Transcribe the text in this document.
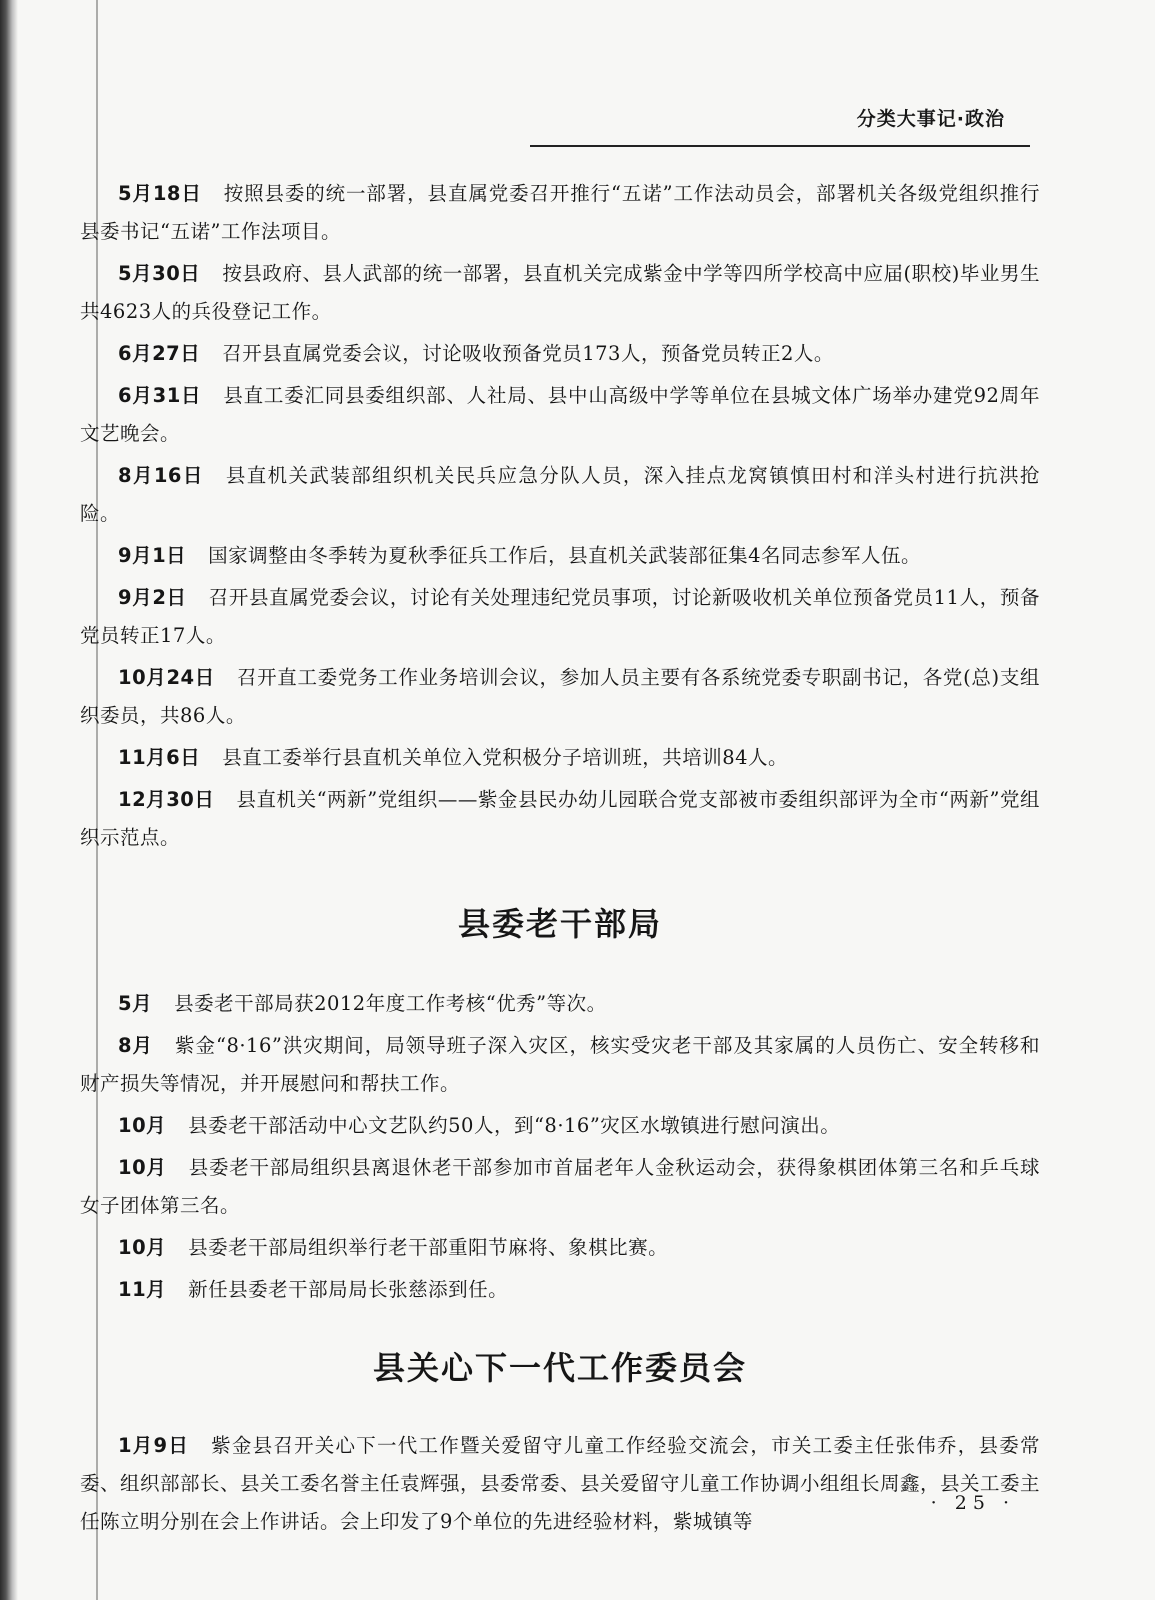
分类大事记·政治

5月18日 按照县委的统一部署，县直属党委召开推行“五诺”工作法动员会，部署机关各级党组织推行县委书记“五诺”工作法项目。

5月30日 按县政府、县人武部的统一部署，县直机关完成紫金中学等四所学校高中应届(职校)毕业男生共4623人的兵役登记工作。

6月27日 召开县直属党委会议，讨论吸收预备党员173人，预备党员转正2人。

6月31日 县直工委汇同县委组织部、人社局、县中山高级中学等单位在县城文体广场举办建党92周年文艺晚会。

8月16日 县直机关武装部组织机关民兵应急分队人员，深入挂点龙窝镇慎田村和洋头村进行抗洪抢险。

9月1日 国家调整由冬季转为夏秋季征兵工作后，县直机关武装部征集4名同志参军人伍。

9月2日 召开县直属党委会议，讨论有关处理违纪党员事项，讨论新吸收机关单位预备党员11人，预备党员转正17人。

10月24日 召开直工委党务工作业务培训会议，参加人员主要有各系统党委专职副书记，各党(总)支组织委员，共86人。

11月6日 县直工委举行县直机关单位入党积极分子培训班，共培训84人。

12月30日 县直机关“两新”党组织——紫金县民办幼儿园联合党支部被市委组织部评为全市“两新”党组织示范点。

县委老干部局

5月 县委老干部局获2012年度工作考核“优秀”等次。

8月 紫金“8·16”洪灾期间，局领导班子深入灾区，核实受灾老干部及其家属的人员伤亡、安全转移和财产损失等情况，并开展慰问和帮扶工作。

10月 县委老干部活动中心文艺队约50人，到“8·16”灾区水墩镇进行慰问演出。

10月 县委老干部局组织县离退休老干部参加市首届老年人金秋运动会，获得象棋团体第三名和乒乓球女子团体第三名。

10月 县委老干部局组织举行老干部重阳节麻将、象棋比赛。

11月 新任县委老干部局局长张慈添到任。

县关心下一代工作委员会

1月9日 紫金县召开关心下一代工作暨关爱留守儿童工作经验交流会，市关工委主任张伟乔，县委常委、组织部部长、县关工委名誉主任袁辉强，县委常委、县关爱留守儿童工作协调小组组长周鑫，县关工委主任陈立明分别在会上作讲话。会上印发了9个单位的先进经验材料，紫城镇等

· 25 ·
